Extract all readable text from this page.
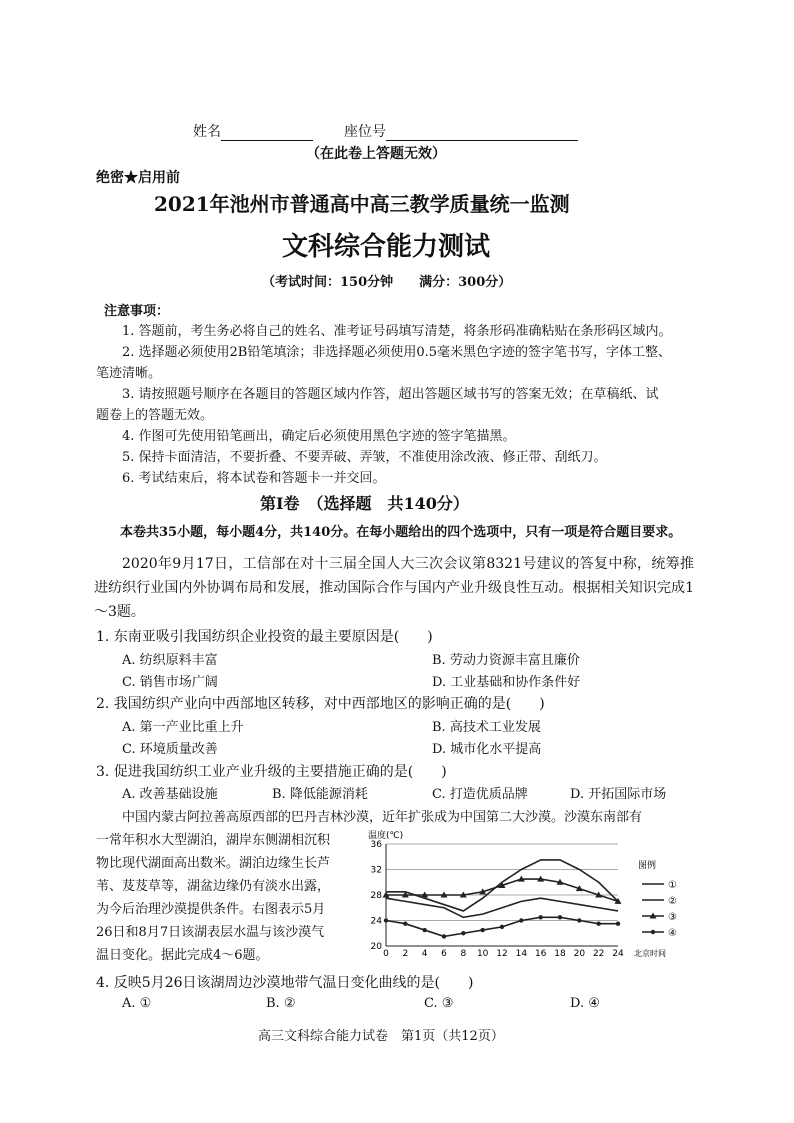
姓名	座位号
（在此卷上答题无效）
绝密★启用前
2021年池州市普通高中高三教学质量统一监测
文科综合能力测试
（考试时间：150分钟　　满分：300分）
注意事项：
1. 答题前，考生务必将自己的姓名、准考证号码填写清楚，将条形码准确粘贴在条形码区域内。
2. 选择题必须使用2B铅笔填涂；非选择题必须使用0.5毫米黑色字迹的签字笔书写，字体工整、
笔迹清晰。
3. 请按照题号顺序在各题目的答题区域内作答，超出答题区域书写的答案无效；在草稿纸、试
题卷上的答题无效。
4. 作图可先使用铅笔画出，确定后必须使用黑色字迹的签字笔描黑。
5. 保持卡面清洁，不要折叠、不要弄破、弄皱，不准使用涂改液、修正带、刮纸刀。
6. 考试结束后，将本试卷和答题卡一并交回。
第Ⅰ卷　（选择题　共140分）
本卷共35小题，每小题4分，共140分。在每小题给出的四个选项中，只有一项是符合题目要求。
2020年9月17日，工信部在对十三届全国人大三次会议第8321号建议的答复中称，统筹推进纺织行业国内外协调布局和发展，推动国际合作与国内产业升级良性互动。根据相关知识完成1～3题。
1. 东南亚吸引我国纺织企业投资的最主要原因是(　　)
A. 纺织原料丰富	B. 劳动力资源丰富且廉价
C. 销售市场广阔	D. 工业基础和协作条件好
2. 我国纺织产业向中西部地区转移，对中西部地区的影响正确的是(　　)
A. 第一产业比重上升	B. 高技术工业发展
C. 环境质量改善	D. 城市化水平提高
3. 促进我国纺织工业产业升级的主要措施正确的是(　　)
A. 改善基础设施	B. 降低能源消耗	C. 打造优质品牌	D. 开拓国际市场
中国内蒙古阿拉善高原西部的巴丹吉林沙漠，近年扩张成为中国第二大沙漠。沙漠东南部有
一常年积水大型湖泊，湖岸东侧湖相沉积
物比现代湖面高出数米。湖泊边缘生长芦
苇、芨芨草等，湖盆边缘仍有淡水出露，
为今后治理沙漠提供条件。右图表示5月
26日和8月7日该湖表层水温与该沙漠气
温日变化。据此完成4～6题。
温度(℃)
北京时间
图例
20
24
28
32
36
0 2 4 6 8 10 12 14 16 18 20 22 24
①
②
③
④
4. 反映5月26日该湖周边沙漠地带气温日变化曲线的是(　　)
A. ①	B. ②	C. ③	D. ④
高三文科综合能力试卷　第1页（共12页）
